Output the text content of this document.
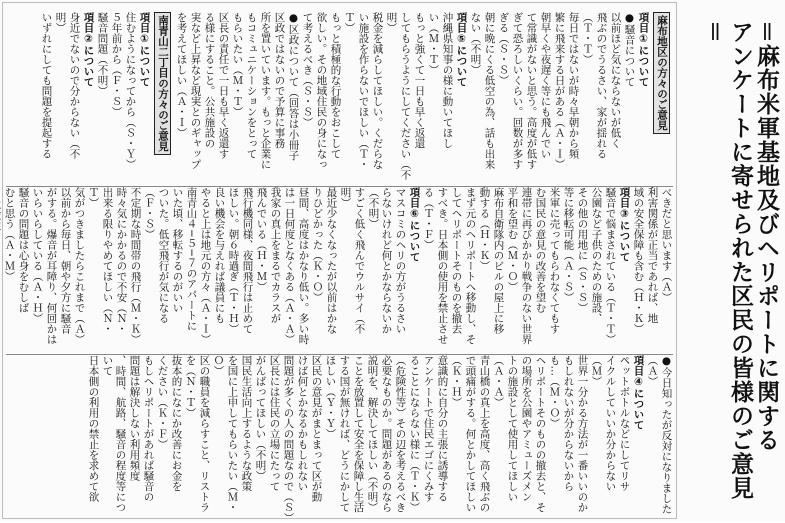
＝麻布米軍基地及びヘリポートに関する
アンケートに寄せられた区民の皆様のご意見＝
麻布地区の方々のご意見

項目①について

●騒音について

以前ほど気にならないが低く

飛ぶのでうるさい、家が揺れる

（Ｔ・Ｔ）

毎日ではないが時々早朝から頻

繁に飛来する日がある（Ａ・Ｉ）

朝早くや夜遅く等にも飛んでい

て常識がないと思う。高度が低す

ぎて恐ろしいくらい。回数が多す

ぎる（Ｓ・Ｓ）

朝に晩にくる低空の為、話も出来

ない（不明）

項目⑤について

沖縄県知事の様に動いてほし

い（Ｍ・Ｔ）

もっと強くて一日も早く返還

してもらうようにしてください（不

明）

税金を減らしてほしい。くだらな

い施設を作らないでほしい（Ｔ・

Ｔ）

もっと積極的な行動をおこして

欲しい。その地域住民の身になっ

て考えるべき（Ｓ・Ｓ）

●区政について（回答は小冊子

区政ではないので予算に事務

所を置いています。もっと企業に

もコミュニケーションをとって

もらいたい（Ｍ・Ｔ）

区長の責任で一日も早く返還す

る様にすること。公共施設の

実など上昇など現実とのギャップ

を考えてほしい（Ａ・Ｉ）

南青山二丁目の方々のご意見

項目①について

住むようになってから（Ｓ・Ｙ）

５年前から（Ｆ・Ｓ）

騒音問題（不明）

項目②について

身近でないので分からない（不

明）

いずれにしても問題を提起する

べきだと思います（Ａ）

利害関係が正当であれば、地

域の安全保障も含む（Ｈ・Ｋ）

項目③について

騒音で悩まされている（Ｔ・Ｔ）

公園など子供のための施設、

その他の用地に（Ｓ・Ｓ）

等に移転可能（Ａ・Ｓ）

米軍に売ってもらわなくてもす

む国民の意見の改善を望む

連帯に再びかかり戦争のない世界

平和を望む（Ｍ・Ｏ）

麻布自衛隊内のビルの屋上に移

動する（Ｈ・Ｋ）

まず元のヘリポートへ移動し、そ

してヘリポートそのものを撤去

すべき。日本側の使用を禁止させ

る（Ｔ・Ｆ）

項目⑥について

マスコミのヘリの方がうるさい

らないけれど何とかならないか（不明）

すごく低く飛んでウルサイ（不

明）

最近少なくなったが以前はかな

りひどかった（Ｋ・Ｏ）

昼間、高度はかなり低い。多い時

は一日何度となくある（Ａ・Ａ）

我家の真上をまるでカラスが

飛んでいる（Ｈ・Ｍ）

飛行機同様、夜間飛行は止めて

ほしい。朝６時過ぎ（Ｔ・Ｈ）

良い機会を与えれば議員にも

やると上は地元の方々（Ａ・Ｉ）

南青山４−５−７のアパートに

いた頃、移転するのがいい

ついた。低空飛行が気になる

（Ｆ・Ｓ）

不定期な時間帯の飛行（Ｍ・Ｋ）

時々気にかかるので不安（Ｎ・

出来る限りやめてほしい（Ｎ・

Ｔ）

気がつきましたらこれまで（Ａ）

以前から毎日、朝や夕方に騒音

がする。爆音が耳障り、何回かは

いらいらしている（Ａ・Ｈ）

騒音の問題は心身をむしば

むと思う（Ａ・Ｍ）

●今日知ったが反対になりました

（Ａ）

項目④について

ペットボトルなどにしてリサ

イクルしていいか分からない

（Ｍ）

世界一分かる方法が一番いいのか

もしれないが分からないから

も…（Ｍ・Ｏ）

ヘリポートそのものの撤去と、そ

の場所を公園やアミューズメン

トの施設として使用してほしい

（Ａ・Ａ）

青山橋の真上を高度、高く飛ぶの

で頭痛がする。何とかしてほしい

（Ｋ・Ｈ）

意識的に自分の主張に誘導する

アンケートで住民エゴにくみす

ることにならない様に（Ｔ・Ｋ）

（危険性等）その辺を考えるべき

必要なものか。問題があるのなら

説明を、解決してほしい（不明）

ことを放置して安全を保障し生活

する国が無ければ、どうにかして

ほしい（Ｙ・Ｙ）

区民の意見がまとまって区が動

けば何とかなるかもしれない

問題が多くの人の問題なので（Ｓ）

区長には住民の立場にたって

がんばってほしい（不明）

国民生活向上するような政策

を国に上申してもらいたい（Ｍ・

Ｏ）

区の職員を減らすこと、リストラ

を（Ｎ・Ｔ）

抜本的になにか改善にお金を

ください（Ｋ・Ｆ）

もしヘリポートがあれば騒音の

問題は解決しない利用頻度

、時間、航路、騒音の程度等について

日本側の利用の禁止を求めて欲
